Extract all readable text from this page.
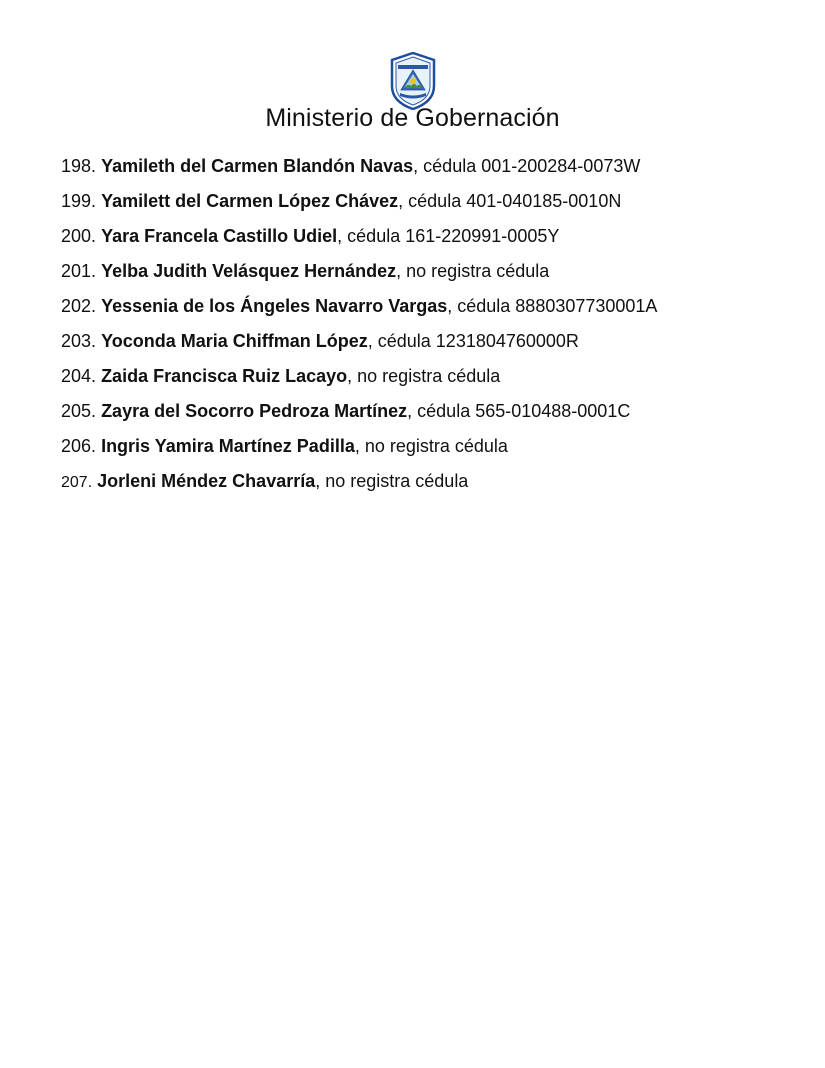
Ministerio de Gobernación
198. Yamileth del Carmen Blandón Navas, cédula 001-200284-0073W
199. Yamilett del Carmen López Chávez, cédula 401-040185-0010N
200. Yara Francela Castillo Udiel, cédula 161-220991-0005Y
201. Yelba Judith Velásquez Hernández, no registra cédula
202. Yessenia de los Ángeles Navarro Vargas, cédula 8880307730001A
203. Yoconda Maria Chiffman López, cédula 1231804760000R
204. Zaida Francisca Ruiz Lacayo, no registra cédula
205. Zayra del Socorro Pedroza Martínez, cédula 565-010488-0001C
206. Ingris Yamira Martínez Padilla, no registra cédula
207. Jorleni Méndez Chavarría, no registra cédula
